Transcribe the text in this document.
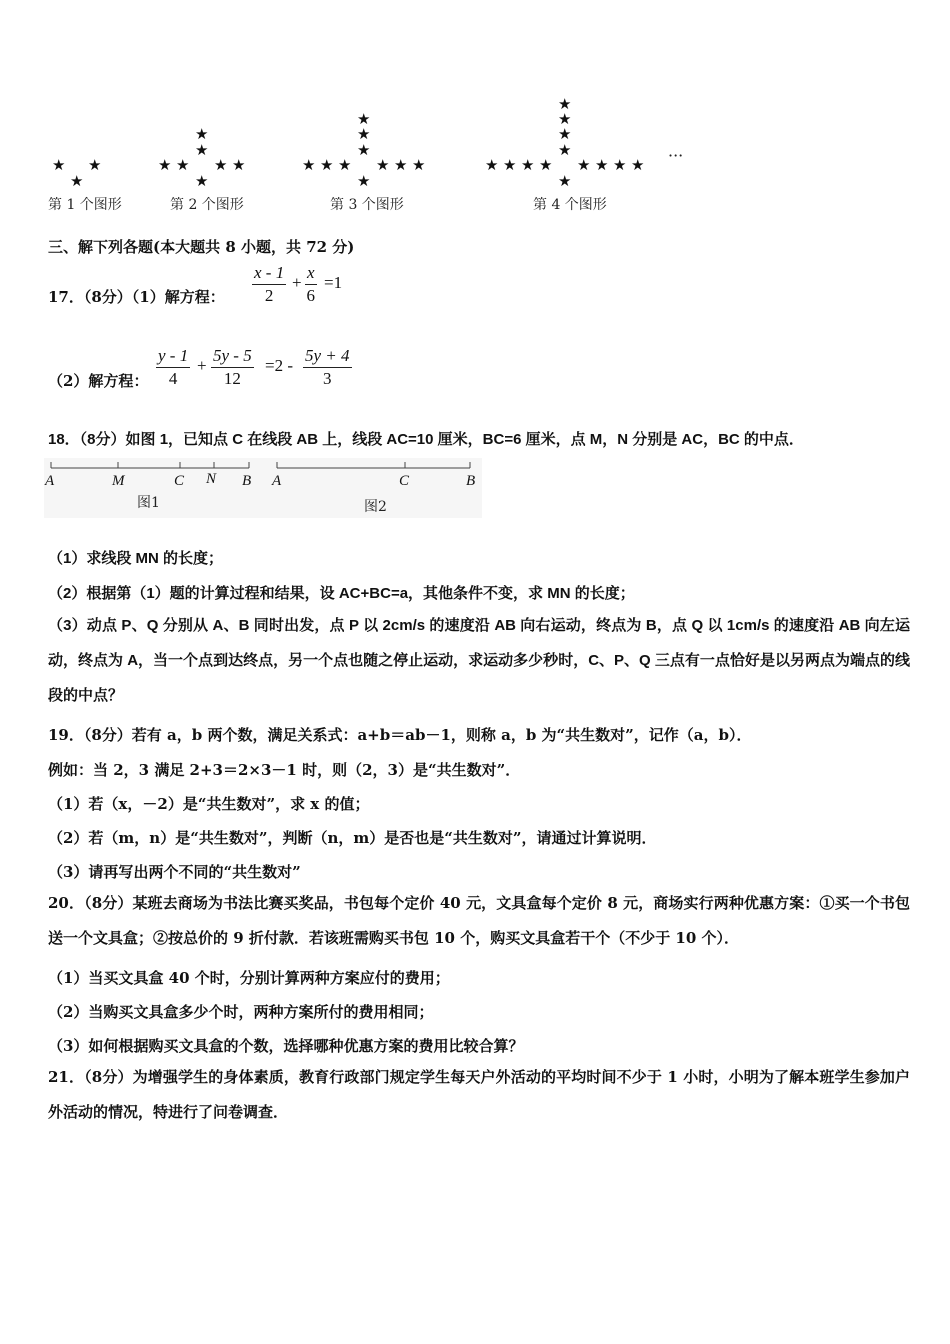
★ ★
★
第 1 个图形
★
★
★ ★ ★ ★
★
第 2 个图形
★
★
★
★ ★ ★ ★ ★ ★
★
第 3 个图形
★
★
★
★
★ ★ ★ ★ ★ ★ ★ ★
★
第 4 个图形
···
三、解下列各题(本大题共 8 小题，共 72 分)
17．（8分）（1）解方程： $\frac{x - 1}{2} + \frac{x}{6} =1$
（2）解方程： $\frac{y - 1}{4} + \frac{5y - 5}{12} =2 - \frac{5y + 4}{3}$
18．（8分）如图 1，已知点 C 在线段 AB 上，线段 AC=10 厘米，BC=6 厘米，点 M，N 分别是 AC，BC 的中点．
A	M	C N B
图1
A	C	B
图2
（1）求线段 MN 的长度；
（2）根据第（1）题的计算过程和结果，设 AC+BC=a，其他条件不变，求 MN 的长度；
（3）动点 P、Q 分别从 A、B 同时出发，点 P 以 2cm/s 的速度沿 AB 向右运动，终点为 B，点 Q 以 1cm/s 的速度沿 AB 向左运动，终点为 A，当一个点到达终点，另一个点也随之停止运动，求运动多少秒时，C、P、Q 三点有一点恰好是以另两点为端点的线段的中点？
19．（8分）若有 a，b 两个数，满足关系式：a+b＝ab－1，则称 a，b 为“共生数对”，记作（a，b）．
例如：当 2，3 满足 2+3＝2×3－1 时，则（2，3）是“共生数对”．
（1）若（x，－2）是“共生数对”，求 x 的值；
（2）若（m，n）是“共生数对”，判断（n，m）是否也是“共生数对”，请通过计算说明．
（3）请再写出两个不同的“共生数对”
20．（8分）某班去商场为书法比赛买奖品，书包每个定价 40 元，文具盒每个定价 8 元，商场实行两种优惠方案：①买一个书包送一个文具盒；②按总价的 9 折付款．若该班需购买书包 10 个，购买文具盒若干个（不少于 10 个）．
（1）当买文具盒 40 个时，分别计算两种方案应付的费用；
（2）当购买文具盒多少个时，两种方案所付的费用相同；
（3）如何根据购买文具盒的个数，选择哪种优惠方案的费用比较合算？
21．（8分）为增强学生的身体素质，教育行政部门规定学生每天户外活动的平均时间不少于 1 小时，小明为了解本班学生参加户外活动的情况，特进行了问卷调查．
